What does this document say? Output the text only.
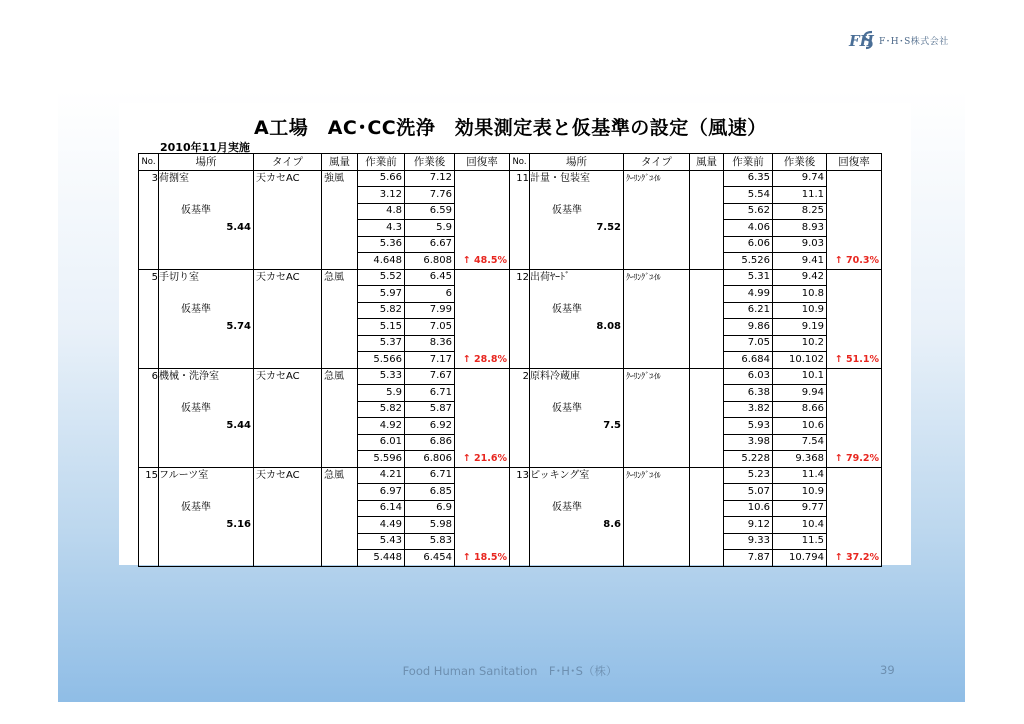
FH F･H･S株式会社
A工場　AC･CC洗浄　効果測定表と仮基準の設定（風速）
2010年11月実施
No.	場所	タイプ	風量	作業前	作業後	回復率	No.	場所	タイプ	風量	作業前	作業後	回復率
3	荷捌室	天カセAC	強風	5.66	7.12		11	計量・包装室	ｸｰﾘﾝｸﾞｺｲﾙ		6.35	9.74	
				3.12	7.76						5.54	11.1	
	仮基準			4.8	6.59			仮基準			5.62	8.25	
	5.44			4.3	5.9			7.52			4.06	8.93	
				5.36	6.67						6.06	9.03	
				4.648	6.808	↑ 48.5%					5.526	9.41	↑ 70.3%
5	手切り室	天カセAC	急風	5.52	6.45		12	出荷ﾔｰﾄﾞ	ｸｰﾘﾝｸﾞｺｲﾙ		5.31	9.42	
				5.97	6						4.99	10.8	
	仮基準			5.82	7.99			仮基準			6.21	10.9	
	5.74			5.15	7.05			8.08			9.86	9.19	
				5.37	8.36						7.05	10.2	
				5.566	7.17	↑ 28.8%					6.684	10.102	↑ 51.1%
6	機械・洗浄室	天カセAC	急風	5.33	7.67		2	原料冷蔵庫	ｸｰﾘﾝｸﾞｺｲﾙ		6.03	10.1	
				5.9	6.71						6.38	9.94	
	仮基準			5.82	5.87			仮基準			3.82	8.66	
	5.44			4.92	6.92			7.5			5.93	10.6	
				6.01	6.86						3.98	7.54	
				5.596	6.806	↑ 21.6%					5.228	9.368	↑ 79.2%
15	フルーツ室	天カセAC	急風	4.21	6.71		13	ピッキング室	ｸｰﾘﾝｸﾞｺｲﾙ		5.23	11.4	
				6.97	6.85						5.07	10.9	
	仮基準			6.14	6.9			仮基準			10.6	9.77	
	5.16			4.49	5.98			8.6			9.12	10.4	
				5.43	5.83						9.33	11.5	
				5.448	6.454	↑ 18.5%					7.87	10.794	↑ 37.2%
Food Human Sanitation　F･H･S（株）	39
